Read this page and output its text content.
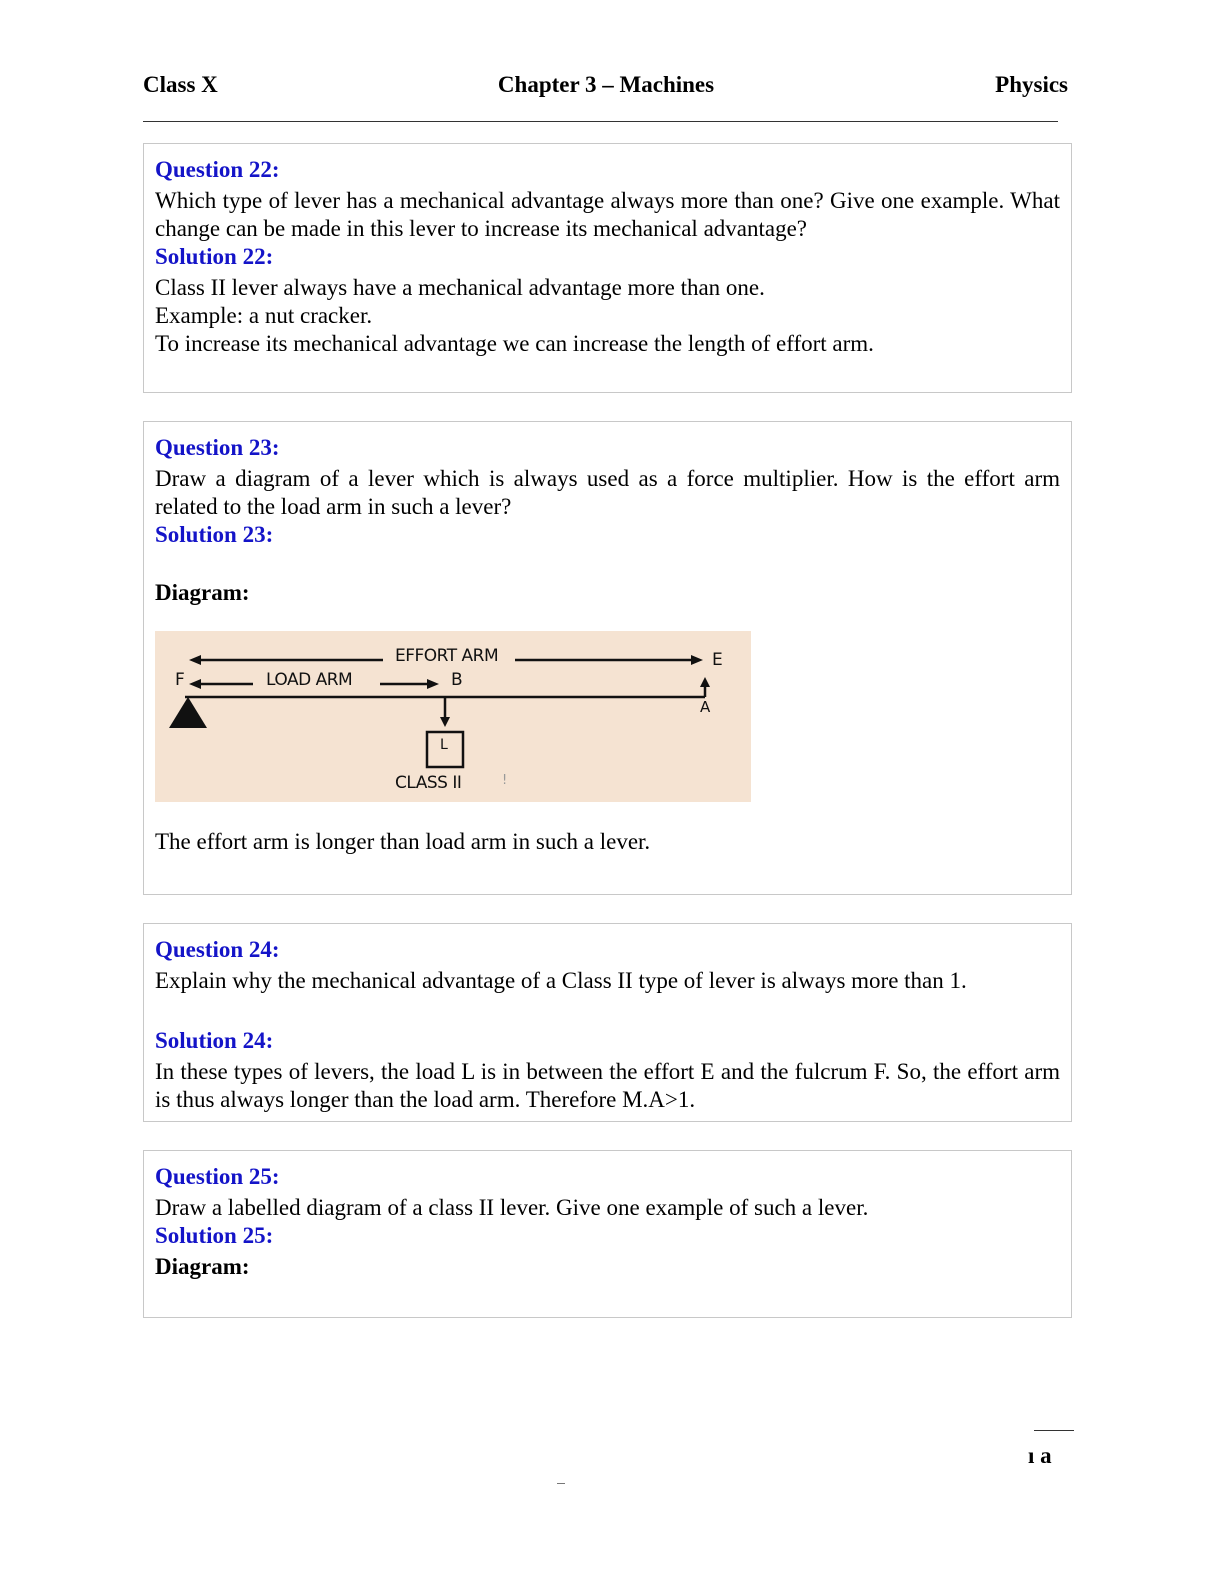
Class X	Chapter 3 – Machines	Physics
Question 22:
Which type of lever has a mechanical advantage always more than one? Give one example. What change can be made in this lever to increase its mechanical advantage?
Solution 22:
Class II lever always have a mechanical advantage more than one.
Example: a nut cracker.
To increase its mechanical advantage we can increase the length of effort arm.
Question 23:
Draw a diagram of a lever which is always used as a force multiplier. How is the effort arm related to the load arm in such a lever?
Solution 23:
Diagram:
EFFORT ARM
F	LOAD ARM	B
E
A
L
CLASS II	!
The effort arm is longer than load arm in such a lever.
Question 24:
Explain why the mechanical advantage of a Class II type of lever is always more than 1.
Solution 24:
In these types of levers, the load L is in between the effort E and the fulcrum F. So, the effort arm is thus always longer than the load arm. Therefore M.A>1.
Question 25:
Draw a labelled diagram of a class II lever. Give one example of such a lever.
Solution 25:
Diagram:
ı a
